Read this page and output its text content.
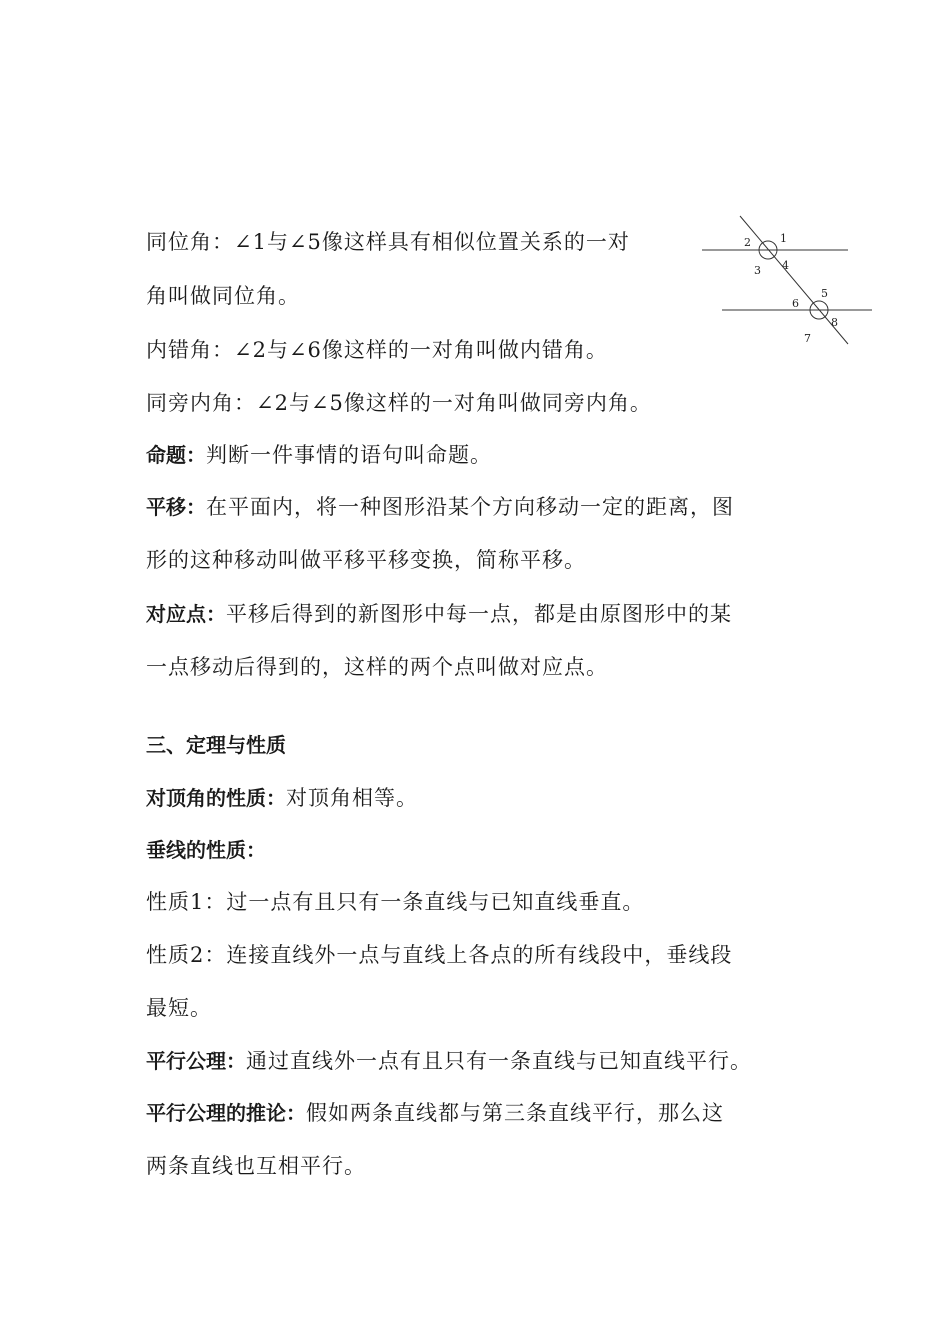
1
2
3 4
5
6
7
8
同位角：∠1与∠5像这样具有相似位置关系的一对
角叫做同位角。
内错角：∠2与∠6像这样的一对角叫做内错角。
同旁内角：∠2与∠5像这样的一对角叫做同旁内角。
命题：判断一件事情的语句叫命题。
平移：在平面内，将一种图形沿某个方向移动一定的距离，图
形的这种移动叫做平移平移变换，简称平移。
对应点：平移后得到的新图形中每一点，都是由原图形中的某
一点移动后得到的，这样的两个点叫做对应点。
三、定理与性质
对顶角的性质：对顶角相等。
垂线的性质：
性质1：过一点有且只有一条直线与已知直线垂直。
性质2：连接直线外一点与直线上各点的所有线段中，垂线段
最短。
平行公理：通过直线外一点有且只有一条直线与已知直线平行。
平行公理的推论：假如两条直线都与第三条直线平行，那么这
两条直线也互相平行。
